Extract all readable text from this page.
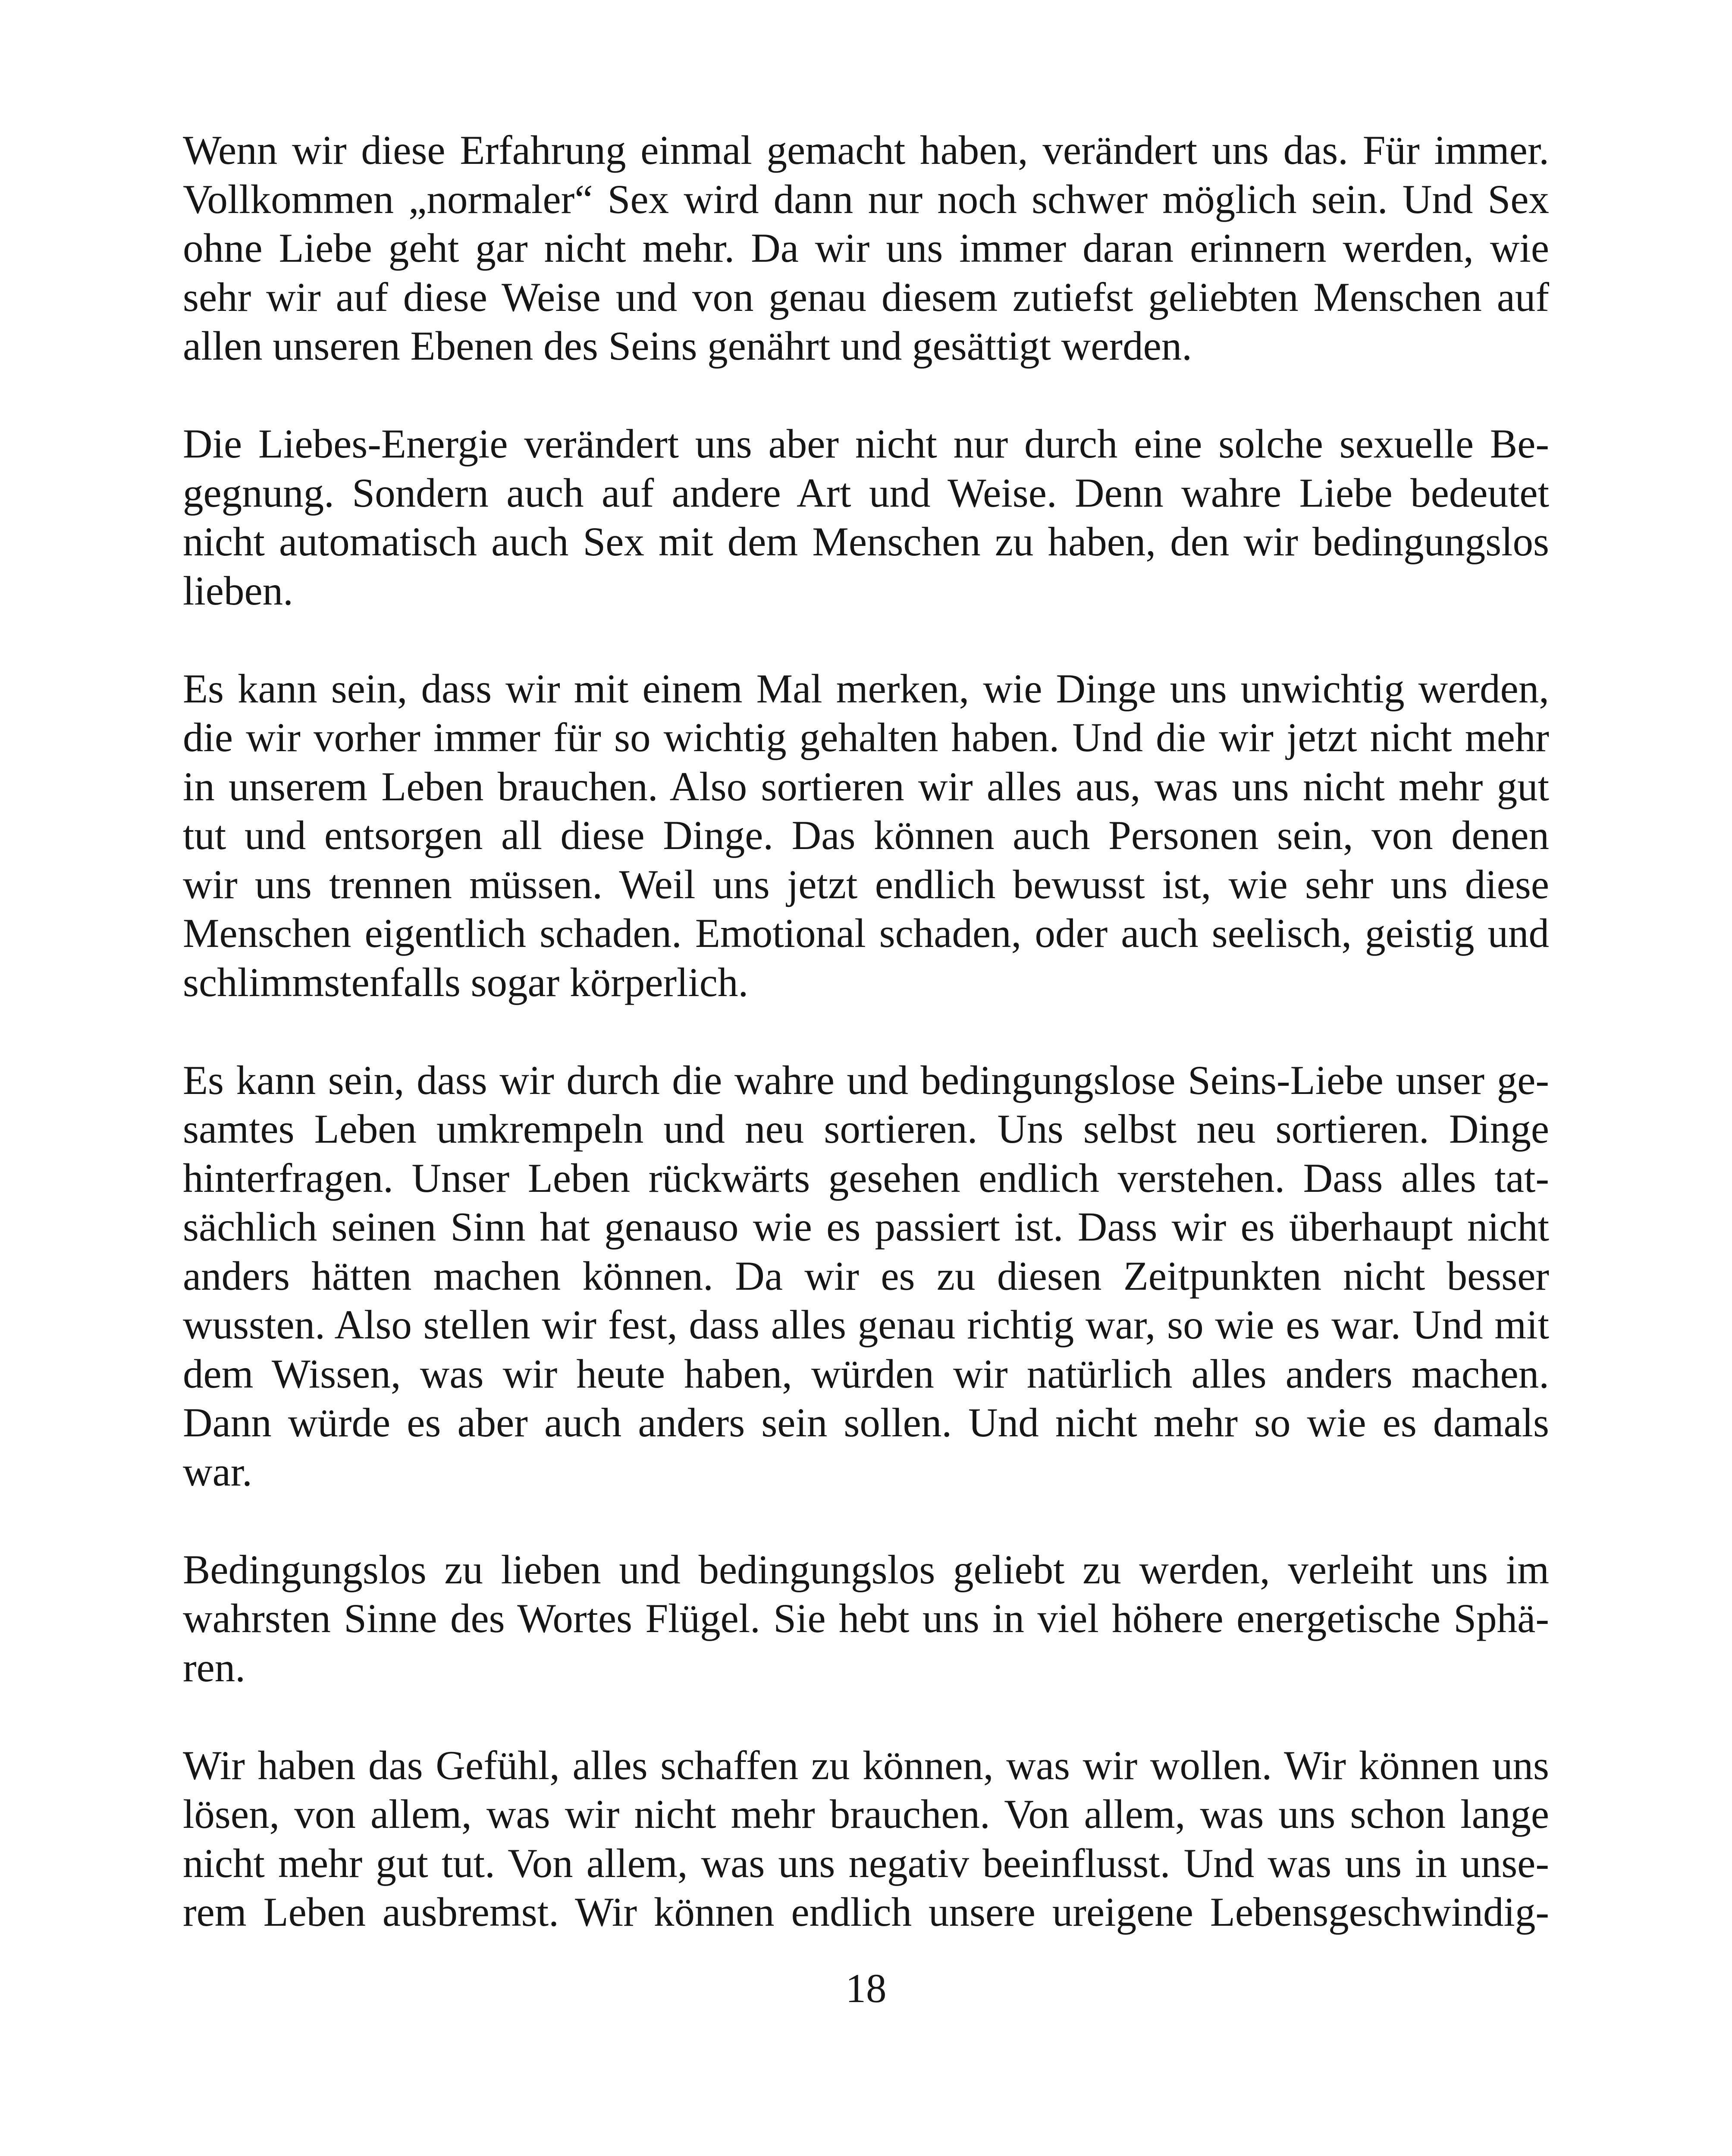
Wenn wir diese Erfahrung einmal gemacht haben, verändert uns das. Für immer.
Vollkommen „normaler“ Sex wird dann nur noch schwer möglich sein. Und Sex
ohne Liebe geht gar nicht mehr. Da wir uns immer daran erinnern werden, wie
sehr wir auf diese Weise und von genau diesem zutiefst geliebten Menschen auf
allen unseren Ebenen des Seins genährt und gesättigt werden.
Die Liebes-Energie verändert uns aber nicht nur durch eine solche sexuelle Be-
gegnung. Sondern auch auf andere Art und Weise. Denn wahre Liebe bedeutet
nicht automatisch auch Sex mit dem Menschen zu haben, den wir bedingungslos
lieben.
Es kann sein, dass wir mit einem Mal merken, wie Dinge uns unwichtig werden,
die wir vorher immer für so wichtig gehalten haben. Und die wir jetzt nicht mehr
in unserem Leben brauchen. Also sortieren wir alles aus, was uns nicht mehr gut
tut und entsorgen all diese Dinge. Das können auch Personen sein, von denen
wir uns trennen müssen. Weil uns jetzt endlich bewusst ist, wie sehr uns diese
Menschen eigentlich schaden. Emotional schaden, oder auch seelisch, geistig und
schlimmstenfalls sogar körperlich.
Es kann sein, dass wir durch die wahre und bedingungslose Seins-Liebe unser ge-
samtes Leben umkrempeln und neu sortieren. Uns selbst neu sortieren. Dinge
hinterfragen. Unser Leben rückwärts gesehen endlich verstehen. Dass alles tat-
sächlich seinen Sinn hat genauso wie es passiert ist. Dass wir es überhaupt nicht
anders hätten machen können. Da wir es zu diesen Zeitpunkten nicht besser
wussten. Also stellen wir fest, dass alles genau richtig war, so wie es war. Und mit
dem Wissen, was wir heute haben, würden wir natürlich alles anders machen.
Dann würde es aber auch anders sein sollen. Und nicht mehr so wie es damals
war.
Bedingungslos zu lieben und bedingungslos geliebt zu werden, verleiht uns im
wahrsten Sinne des Wortes Flügel. Sie hebt uns in viel höhere energetische Sphä-
ren.
Wir haben das Gefühl, alles schaffen zu können, was wir wollen. Wir können uns
lösen, von allem, was wir nicht mehr brauchen. Von allem, was uns schon lange
nicht mehr gut tut. Von allem, was uns negativ beeinflusst. Und was uns in unse-
rem Leben ausbremst. Wir können endlich unsere ureigene Lebensgeschwindig-
18
